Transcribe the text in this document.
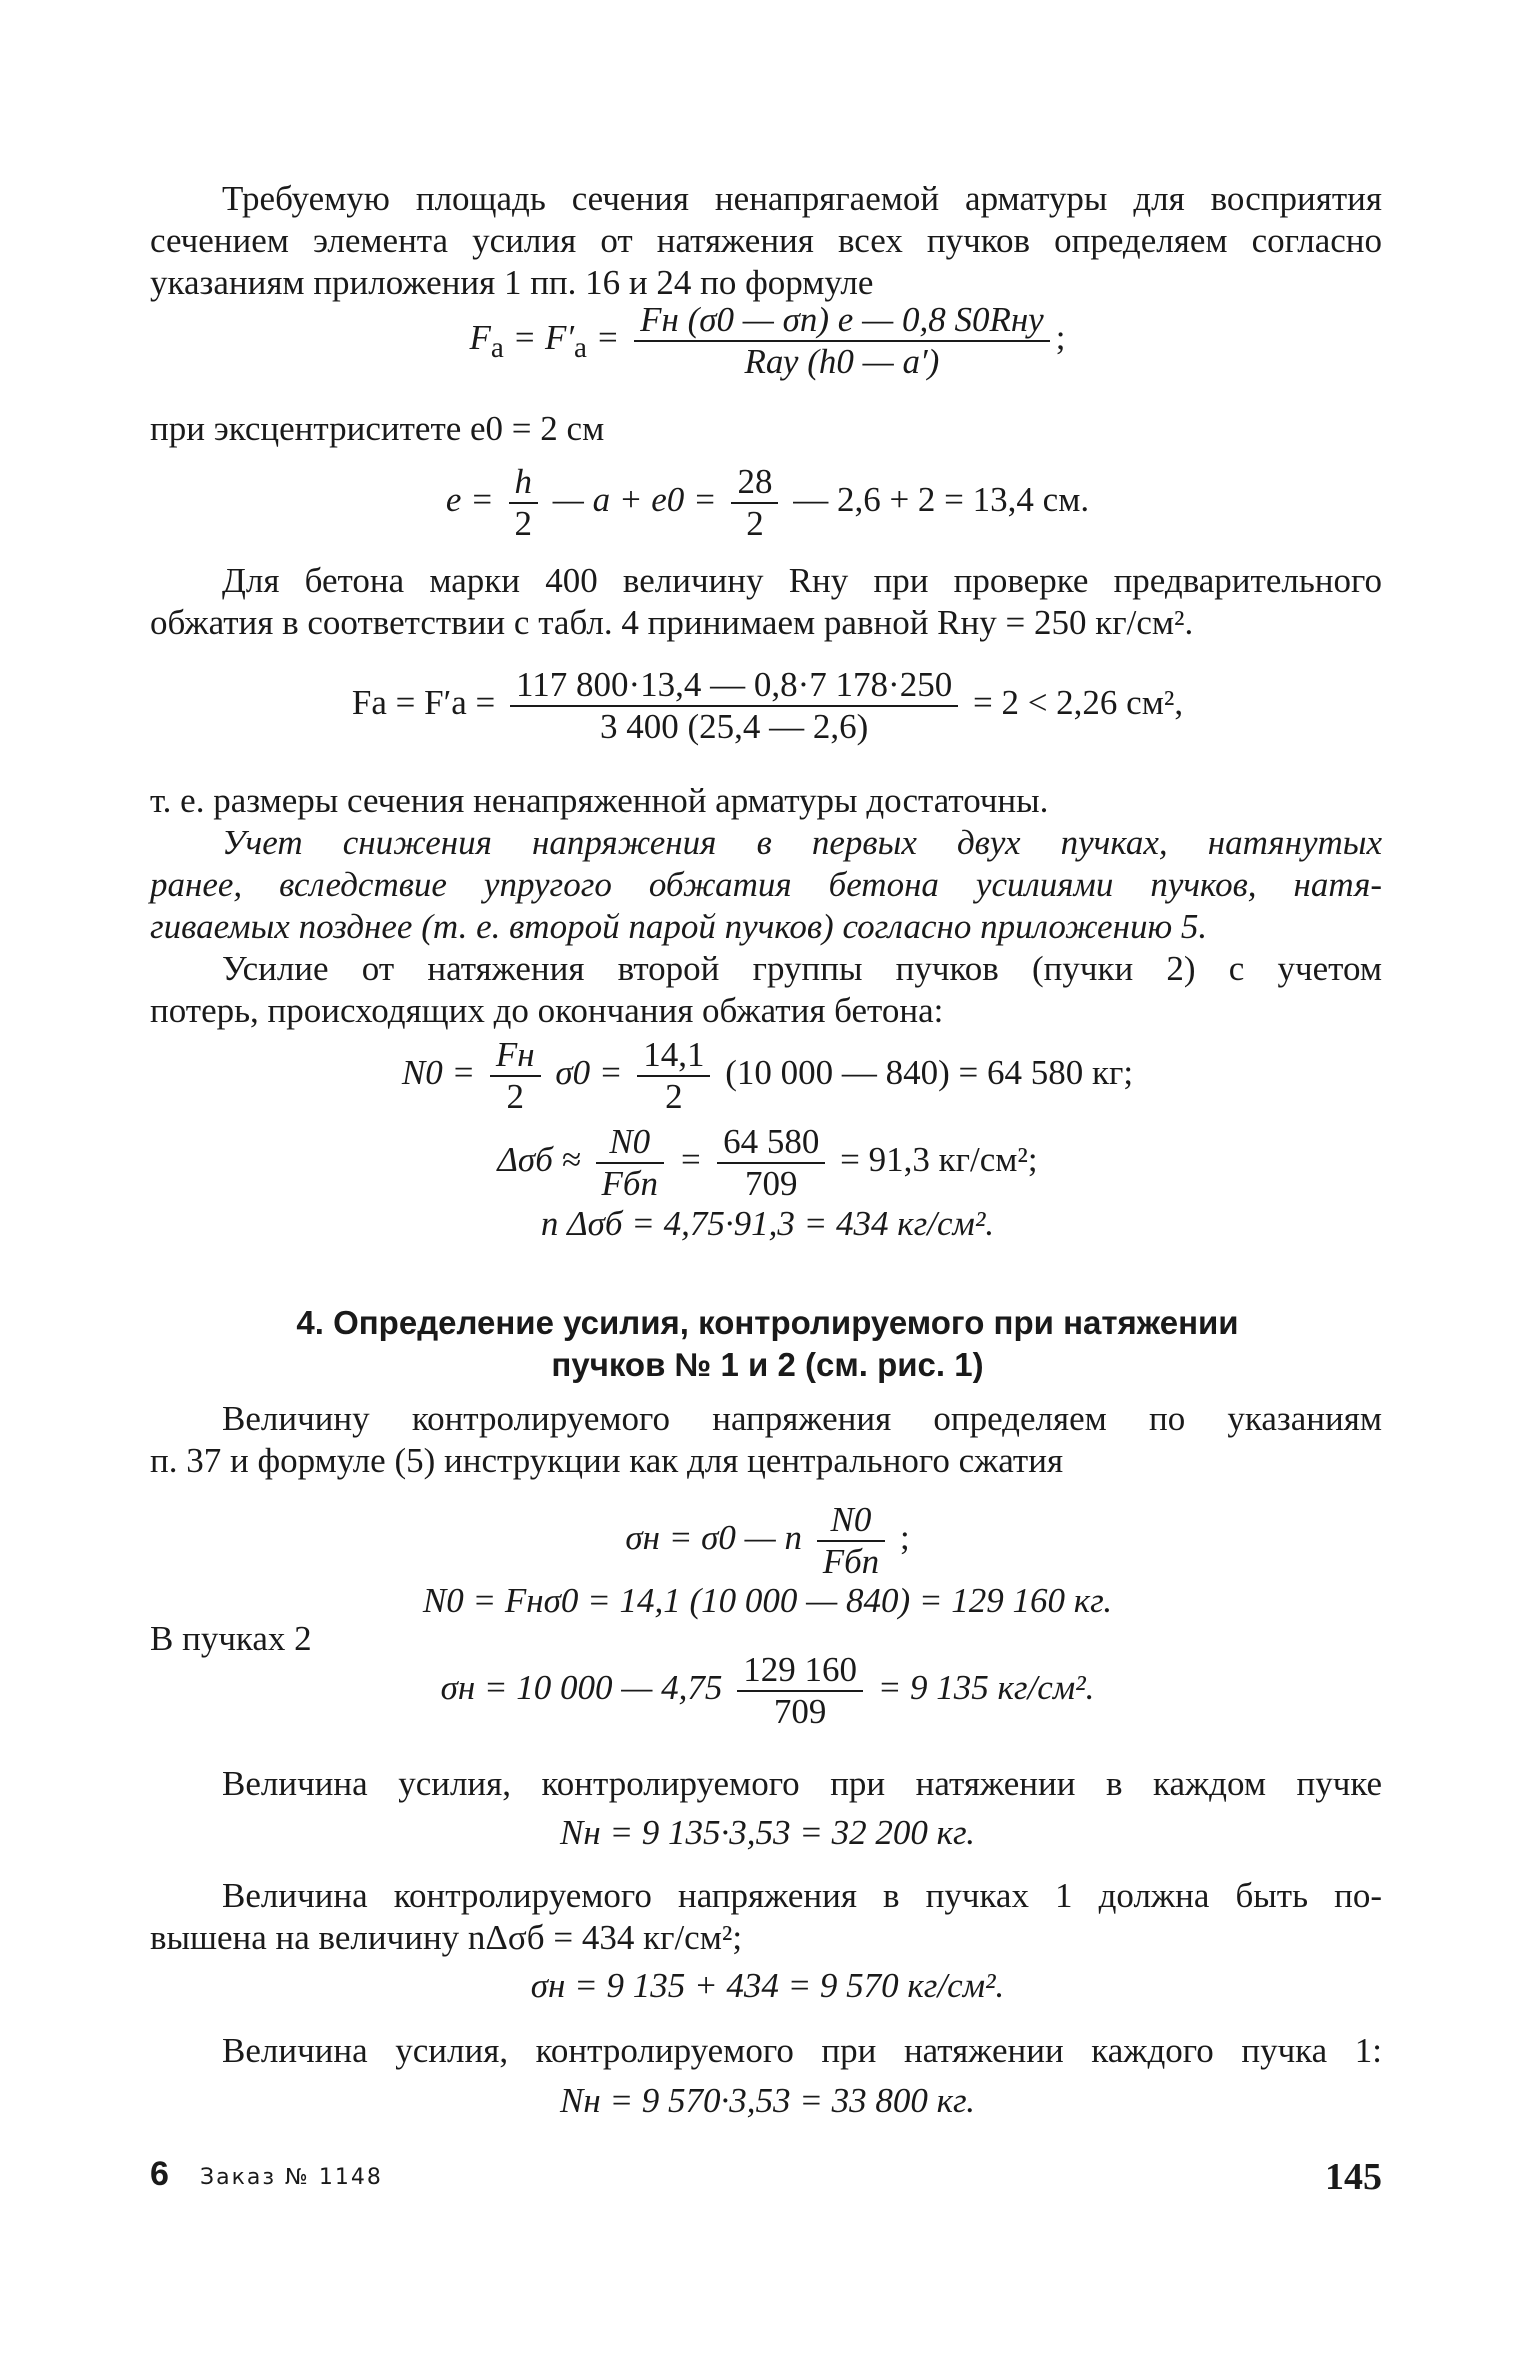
Требуемую площадь сечения ненапрягаемой арматуры для восприятия
сечением элемента усилия от натяжения всех пучков определяем согласно
указаниям приложения 1 пп. 16 и 24 по формуле
$F_а = F'_а = \frac{\text{Fн (σ0 — σп) e — 0,8 S0Rну}}{\text{Rау (h0 — a′)}}$ ;
при эксцентриситете e0 = 2 см
$e = \frac{h}{2}$ — $a + e0 = \frac{28}{2}$ — 2,6 + 2 = 13,4 см.
Для бетона марки 400 величину Rну при проверке предварительного
обжатия в соответствии с табл. 4 принимаем равной Rну = 250 кг/см².
Fа = $F'а = \frac{117 800\cdot 13,4 — 0,8\cdot 7 178\cdot 250}{3 400 (25,4 — 2,6)} = 2 < 2,26$ см²,
т. е. размеры сечения ненапряженной арматуры достаточны.
Учет снижения напряжения в первых двух пучках, натянутых
ранее, вследствие упругого обжатия бетона усилиями пучков, натя-
гиваемых позднее (т. е. второй парой пучков) согласно приложению 5.
Усилие от натяжения второй группы пучков (пучки 2) с учетом
потерь, происходящих до окончания обжатия бетона:
$N0 = \frac{Fн}{2} \sigma 0 = \frac{14,1}{2} (10$ 000 — 840) = 64 580 кг;
$\Delta\sigma б \approx \frac{N0}{\text{Fбп}} = \frac{64 580}{709} = 91,3$ кг/см²;
n Δσб = 4,75·91,3 = 434 кг/см².
4. Определение усилия, контролируемого при натяжении
пучков № 1 и 2 (см. рис. 1)
Величину контролируемого напряжения определяем по указаниям
п. 37 и формуле (5) инструкции как для центрального сжатия
σн = σ0 — n $\frac{N0}{\text{Fбп}}$ ;
N0 = Fнσ0 = 14,1 (10 000 — 840) = 129 160 кг.
В пучках 2
σн = 10 000 — $4,75 \frac{129 160}{709} = 9$ 135 кг/см².
Величина усилия, контролируемого при натяжении в каждом пучке
Nн = 9 135·3,53 = 32 200 кг.
Величина контролируемого напряжения в пучках 1 должна быть по-
вышена на величину nΔσб = 434 кг/см²;
σн = 9 135 + 434 = 9 570 кг/см².
Величина усилия, контролируемого при натяжении каждого пучка 1:
Nн = 9 570·3,53 = 33 800 кг.
6 Заказ № 1148	145
